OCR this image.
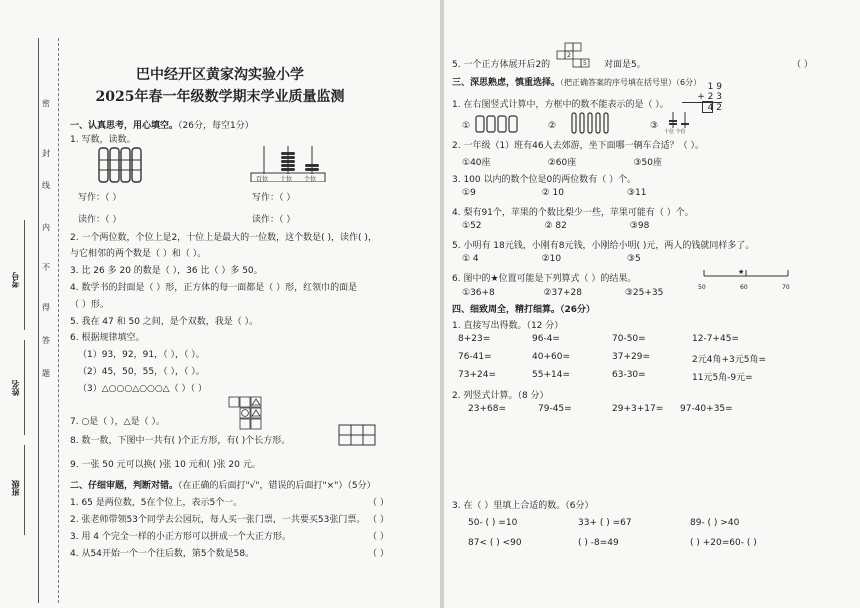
密
封
线
内
不
得
答
题
考号
姓名
班级
巴中经开区黄家沟实验小学
2025年春一年级数学期末学业质量监测
一、认真思考，用心填空。（26分，每空1分）
1. 写数，读数。
百位 十位 个位
写作：（ ）	写作：（ ）
读作：（ ）	读作：（ ）
2. 一个两位数，个位上是2，十位上是最大的一位数，这个数是( )，读作( )，
与它相邻的两个数是（ ）和（ ）。
3. 比 26 多 20 的数是（ ），36 比（ ）多 50。
4. 数学书的封面是（ ）形，正方体的每一面都是（ ）形，红领巾的面是
（ ）形。
5. 我在 47 和 50 之间，是个双数，我是（ ）。
6. 根据规律填空。
（1）93，92，91，（ ），（ ）。
（2）45，50，55，（ ），（ ）。
（3）△○○○△○○○△（ ）（ ）
7. ○是（ ），△是（ ）。
8. 数一数，下图中一共有( )个正方形，有( )个长方形。
9. 一张 50 元可以换( )张 10 元和( )张 20 元。
二、仔细审题，判断对错。（在正确的后面打"√"，错误的后面打"×"）（5分）
1. 65 是两位数，5在个位上，表示5个一。	（ ）
2. 张老师带领53个同学去公园玩，每人买一张门票，一共要买53张门票。 （ ）
3. 用 4 个完全一样的小正方形可以拼成一个大正方形。	（ ）
4. 从54开始一个一个往后数，第5个数是58。	（ ）
5. 一个正方体展开后2的
2
5 对面是5。	（ ）
三、深思熟虑，慎重选择。（把正确答案的序号填在括号里）（6分）
1. 在右图竖式计算中，方框中的数不能表示的是（ ）。
1 9
+ 2 3
4 2
①	②	③
十位 个位
2. 一年级（1）班有46人去郊游，坐下面哪一辆车合适？（ ）。
①40座                    ②60座                    ③50座
3. 100 以内的数个位是0的两位数有（ ）个。
①9                       ② 10                      ③11
4. 梨有91个，苹果的个数比梨少一些，苹果可能有（ ）个。
①52                      ② 82                      ③98
5. 小明有 18元钱，小刚有8元钱，小刚给小明( )元，两人的钱就同样多了。
① 4                      ②10                       ③5
6. 图中的★位置可能是下列算式（ ）的结果。
①36+8                 ②37+28               ③25+35
★
50	60	70
四、细致周全，精打细算。（26分）
1. 直接写出得数。（12 分）
8+23=	96-4=	70-50=	12-7+45=
76-41=	40+60=	37+29=	2元4角+3元5角=
73+24=	55+14=	63-30=	11元5角-9元=
2. 列竖式计算。（8 分）
23+68=	79-45=	29+3+17= 97-40+35=
3. 在（ ）里填上合适的数。（6分）
50- ( ) =10	33+ ( ) =67	89- ( ) >40
87< ( ) <90	( ) -8=49	( ) +20=60- ( )
